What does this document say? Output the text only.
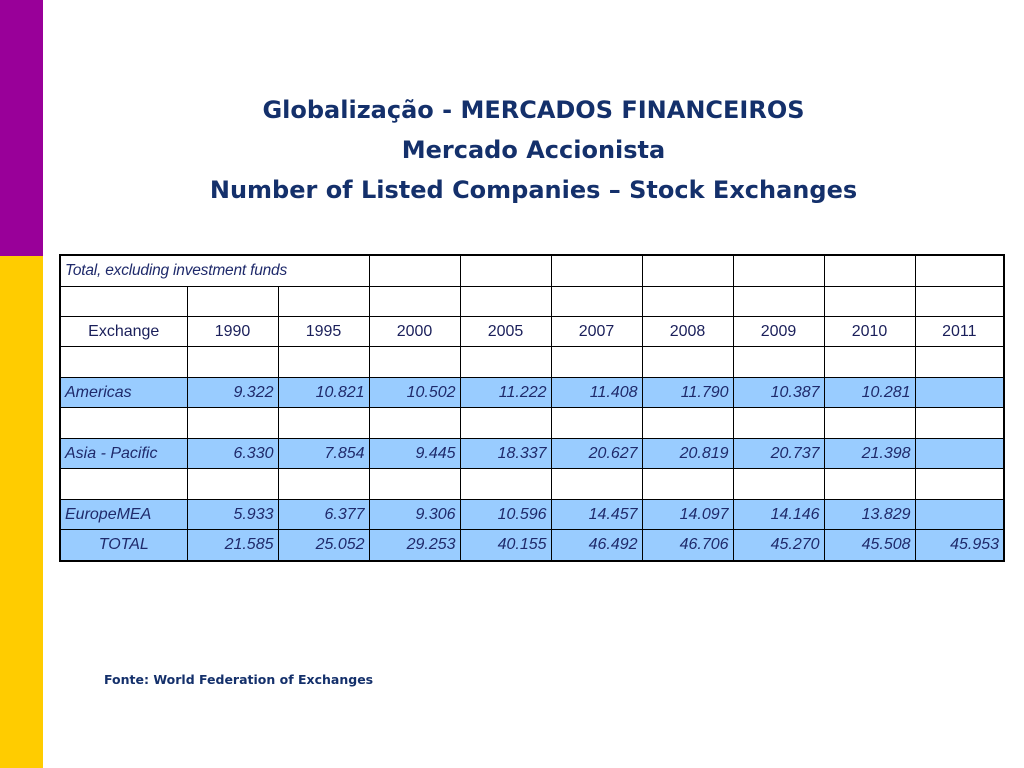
Globalização - MERCADOS FINANCEIROS
Mercado Accionista
Number of Listed Companies – Stock Exchanges
Total, excluding investment funds									

Exchange	1990	1995	2000	2005	2007	2008	2009	2010	2011

Americas	9.322	10.821	10.502	11.222	11.408	11.790	10.387	10.281	

Asia - Pacific	6.330	7.854	9.445	18.337	20.627	20.819	20.737	21.398	

EuropeMEA	5.933	6.377	9.306	10.596	14.457	14.097	14.146	13.829	
TOTAL	21.585	25.052	29.253	40.155	46.492	46.706	45.270	45.508	45.953
Fonte: World Federation of Exchanges
